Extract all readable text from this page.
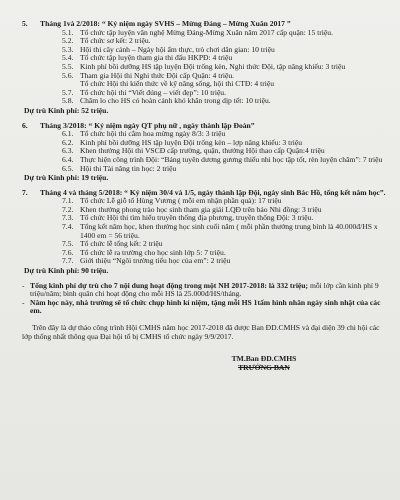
5.	Tháng 1và 2/2018: “ Kỷ niệm ngày SVHS – Mừng Đảng – Mừng Xuân 2017 ”
5.1. Tổ chức tập luyện văn nghệ Mừng Đảng-Mừng Xuân năm 2017 cấp quận: 15 triệu.
5.2. Tổ chức sơ kết: 2 triệu.
5.3. Hội thi cây cảnh – Ngày hội ẩm thực, trò chơi dân gian: 10 triệu
5.4. Tổ chức tập luyện tham gia thi đấu HKPĐ: 4 triệu
5.5. Kinh phí bồi dưỡng HS tập luyện Đội trống kèn, Nghi thức Đội, tập năng khiếu: 3 triệu
5.6. Tham gia Hội thi Nghi thức Đội cấp Quận: 4 triệu.
Tổ chức Hội thi kiến thức về kỹ năng sống, hội thi CTĐ: 4 triệu
5.7. Tổ chức hội thi “Viết đúng – viết đẹp”: 10 triệu.
5.8. Chăm lo cho HS có hoàn cảnh khó khăn trong dịp tết: 10 triệu.
Dự trù Kinh phí: 52 triệu.
6.	Tháng 3/2018: “ Kỷ niệm ngày QT phụ nữ , ngày thành lập Đoàn”
6.1. Tổ chức hội thi cắm hoa mừng ngày 8/3: 3 triệu
6.2. Kinh phí bồi dưỡng HS tập luyện Đội trống kèn – lợp năng khiếu: 3 triệu
6.3. Khen thưởng Hội thi VSCĐ cấp trường, quận, thưởng Hội thao cấp Quận:4 triệu
6.4. Thực hiện công trình Đội: “Bảng tuyên dương gương thiếu nhi học tập tốt, rèn luyện chăm”: 7 triệu
6.5. Hội thi Tài năng tin học: 2 triệu
Dự trù Kinh phí: 19 triệu.
7.	Tháng 4 và tháng 5/2018: “ Kỷ niệm 30/4 và 1/5, ngày thành lập Đội, ngày sinh Bác Hồ, tổng kết năm học”.
7.1. Tổ chức Lễ giỗ tổ Hùng Vương ( mỗi em nhận phần quà): 17 triệu
7.2. Khen thưởng phong trào học sinh tham gia giải LQĐ trên báo Nhi đồng: 3 triệu
7.3. Tổ chức Hội thi tìm hiểu truyền thống địa phương, truyền thống Đội: 3 triệu.
7.4. Tổng kết năm học, khen thưởng học sinh cuối năm ( mỗi phần thưởng trung bình là 40.000đ/HS x 1400 em = 56 triệu.
7.5. Tổ chức lễ tổng kết: 2 triệu
7.6. Tổ chức lễ ra trường cho học sinh lớp 5: 7 triệu.
7.7. Giới thiệu “Ngôi trường tiểu học của em”: 2 triệu
Dự trù Kinh phí: 90 triệu.
- Tổng kinh phí dự trù cho 7 nội dung hoạt động trong một NH 2017-2018: là 332 triệu; mỗi lớp cần kinh phí 9 triệu/năm; bình quân chi hoạt động cho mỗi HS là 25.000đ/HS/tháng.
- Năm học này, nhà trường sẽ tổ chức chụp hình kỉ niệm, tặng mỗi HS 1tấm hình nhân ngày sinh nhật của các em.
Trên đây là dự thảo công trình Hội CMHS năm học 2017-2018 đã được Ban ĐD.CMHS và đại diện 39 chi hội các lớp thống nhất thông qua Đại hội tổ bị CMHS tổ chức ngày 9/9/2017.
TM.Ban ĐD.CMHS
TRƯỞNG BAN
